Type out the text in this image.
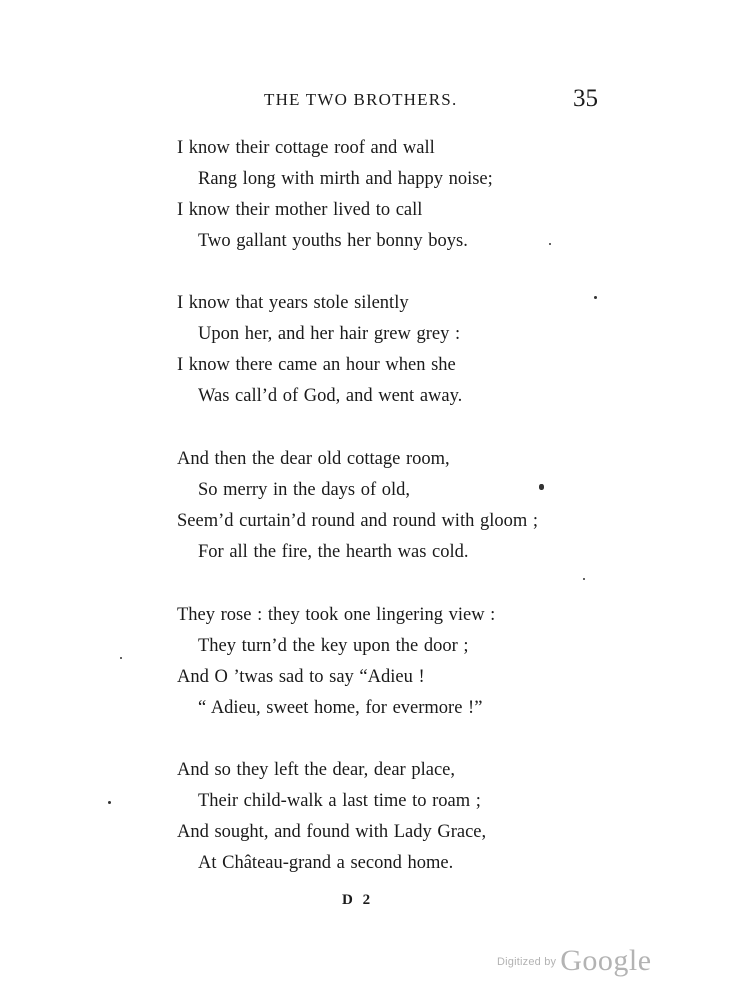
THE TWO BROTHERS.	35
I know their cottage roof and wall
Rang long with mirth and happy noise;
I know their mother lived to call
Two gallant youths her bonny boys.
I know that years stole silently
Upon her, and her hair grew grey :
I know there came an hour when she
Was call’d of God, and went away.
And then the dear old cottage room,
So merry in the days of old,
Seem’d curtain’d round and round with gloom ;
For all the fire, the hearth was cold.
They rose : they took one lingering view :
They turn’d the key upon the door ;
And O ’twas sad to say “Adieu !
“ Adieu, sweet home, for evermore !”
And so they left the dear, dear place,
Their child-walk a last time to roam ;
And sought, and found with Lady Grace,
At Château-grand a second home.
D 2
$^{Digitized by}$ Google
